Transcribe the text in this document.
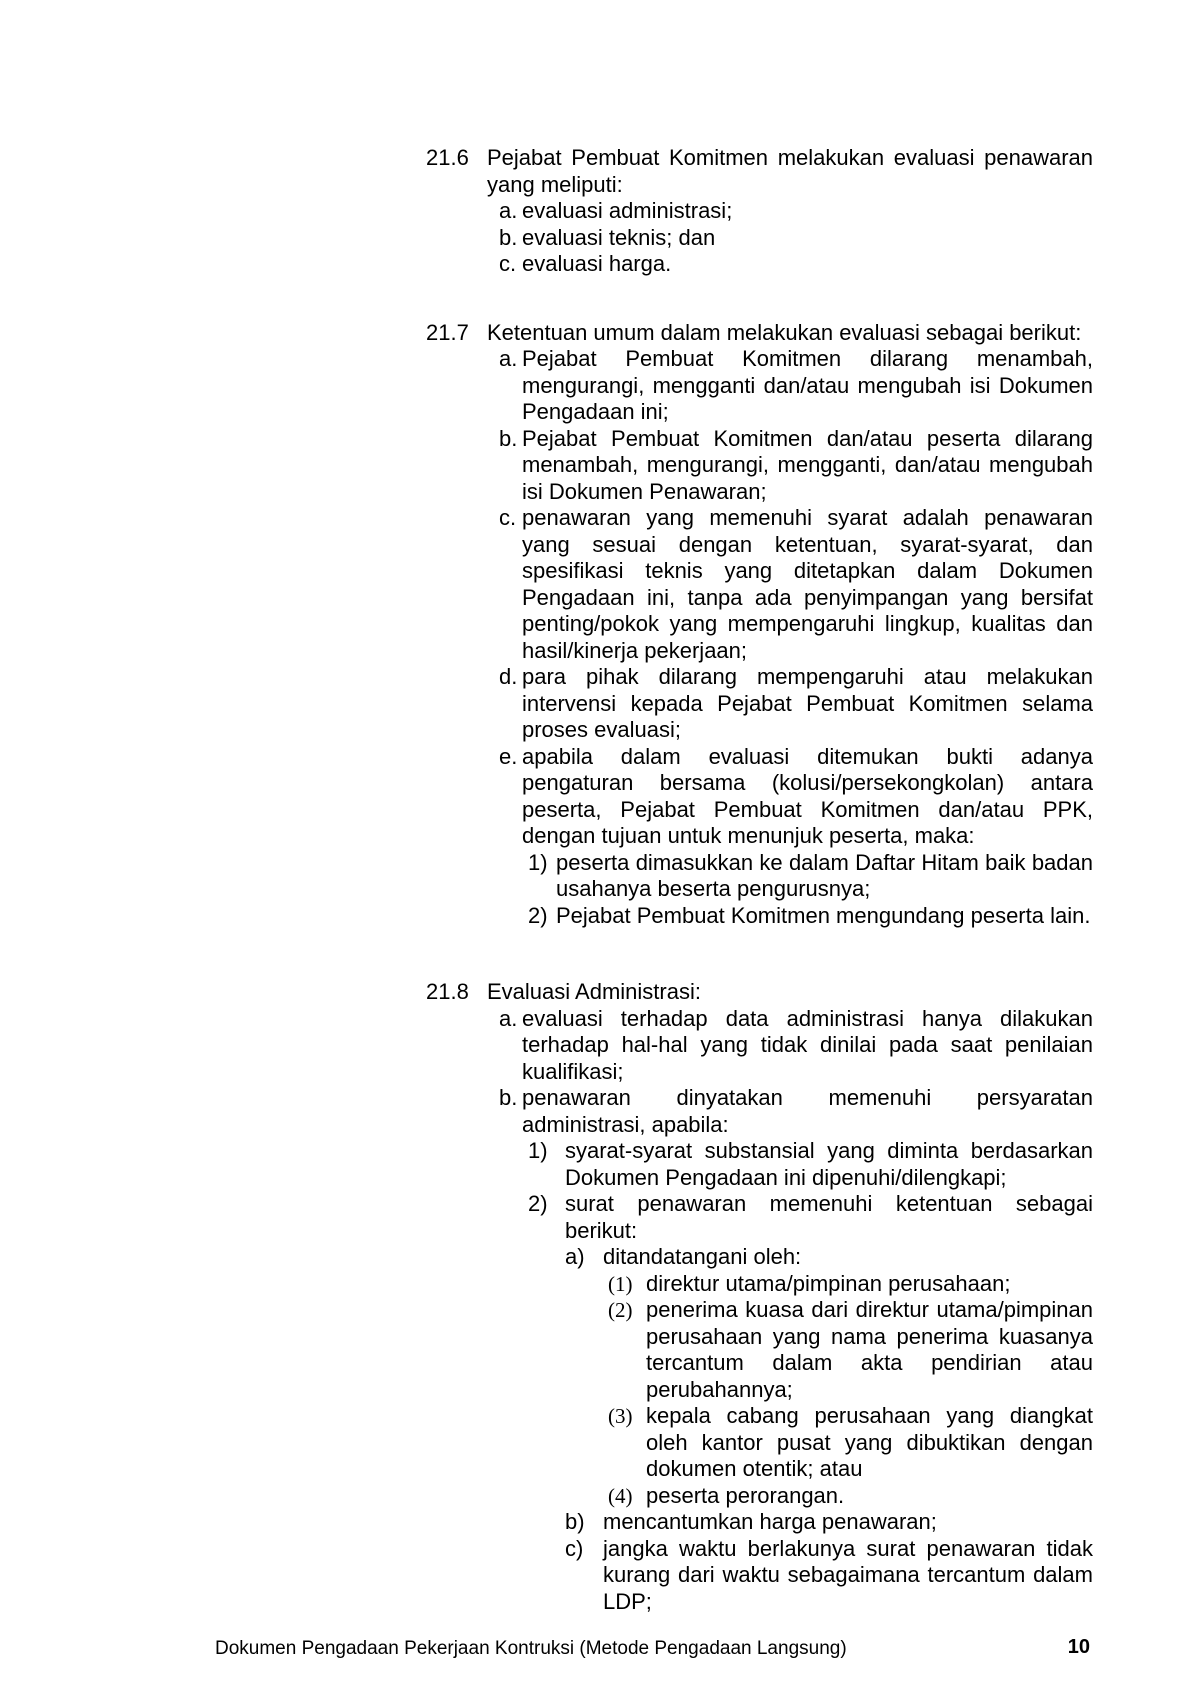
21.6 Pejabat Pembuat Komitmen melakukan evaluasi penawaran yang meliputi:

a. evaluasi administrasi;
b. evaluasi teknis; dan
c. evaluasi harga.
21.7 Ketentuan umum dalam melakukan evaluasi sebagai berikut:

a. Pejabat Pembuat Komitmen dilarang menambah, mengurangi, mengganti dan/atau mengubah isi Dokumen Pengadaan ini;
b. Pejabat Pembuat Komitmen dan/atau peserta dilarang menambah, mengurangi, mengganti, dan/atau mengubah isi Dokumen Penawaran;
c. penawaran yang memenuhi syarat adalah penawaran yang sesuai dengan ketentuan, syarat-syarat, dan spesifikasi teknis yang ditetapkan dalam Dokumen Pengadaan ini, tanpa ada penyimpangan yang bersifat penting/pokok yang mempengaruhi lingkup, kualitas dan hasil/kinerja pekerjaan;
d. para pihak dilarang mempengaruhi atau melakukan intervensi kepada Pejabat Pembuat Komitmen selama proses evaluasi;
e. apabila dalam evaluasi ditemukan bukti adanya pengaturan bersama (kolusi/persekongkolan) antara peserta, Pejabat Pembuat Komitmen dan/atau PPK, dengan tujuan untuk menunjuk peserta, maka:
1) peserta dimasukkan ke dalam Daftar Hitam baik badan usahanya beserta pengurusnya;
2) Pejabat Pembuat Komitmen mengundang peserta lain.
21.8 Evaluasi Administrasi:

a. evaluasi terhadap data administrasi hanya dilakukan terhadap hal-hal yang tidak dinilai pada saat penilaian kualifikasi;
b. penawaran dinyatakan memenuhi persyaratan administrasi, apabila:
1) syarat-syarat substansial yang diminta berdasarkan Dokumen Pengadaan ini dipenuhi/dilengkapi;
2) surat penawaran memenuhi ketentuan sebagai berikut:
a) ditandatangani oleh:
(1) direktur utama/pimpinan perusahaan;
(2) penerima kuasa dari direktur utama/pimpinan perusahaan yang nama penerima kuasanya tercantum dalam akta pendirian atau perubahannya;
(3) kepala cabang perusahaan yang diangkat oleh kantor pusat yang dibuktikan dengan dokumen otentik; atau
(4) peserta perorangan.
b) mencantumkan harga penawaran;
c) jangka waktu berlakunya surat penawaran tidak kurang dari waktu sebagaimana tercantum dalam LDP;
Dokumen Pengadaan Pekerjaan Kontruksi (Metode Pengadaan Langsung)	10
